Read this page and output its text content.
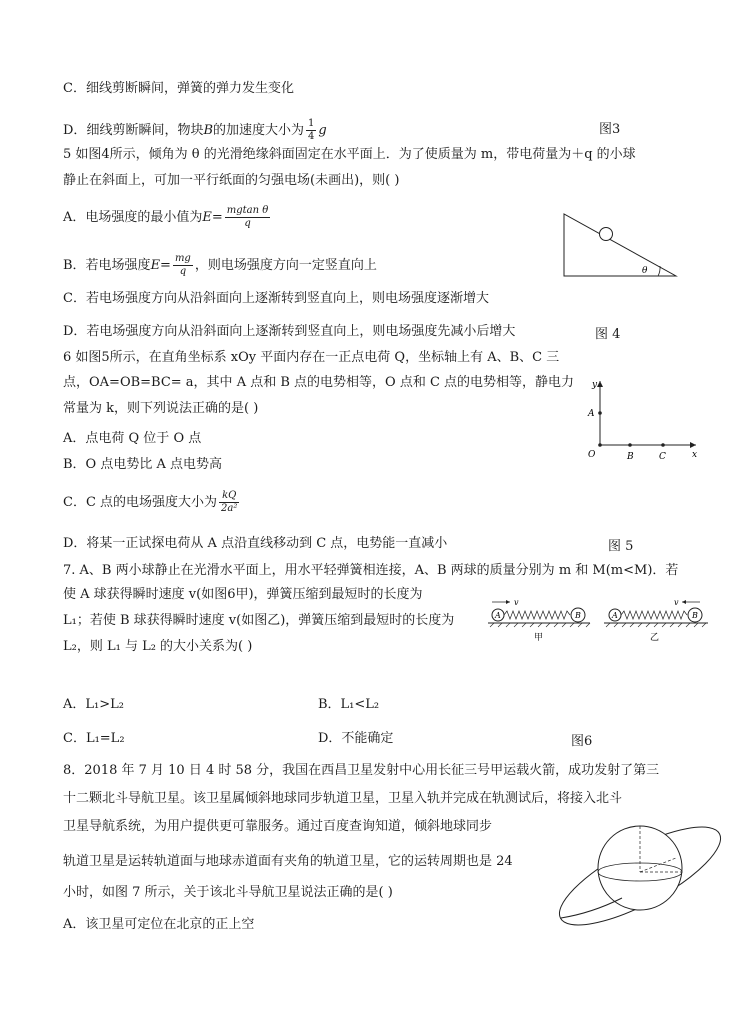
C．细线剪断瞬间，弹簧的弹力发生变化
D．细线剪断瞬间，物块B的加速度大小为 $\frac{1}{4}$ g	图3
5 如图4所示，倾角为 θ 的光滑绝缘斜面固定在水平面上．为了使质量为 m，带电荷量为＋q 的小球
静止在斜面上，可加一平行纸面的匀强电场(未画出)，则( )
A．电场强度的最小值为$E= \frac{\text{mgtan θ}}{q}$
B．若电场强度$E= \frac{mg}{q}$ ，则电场强度方向一定竖直向上
C．若电场强度方向从沿斜面向上逐渐转到竖直向上，则电场强度逐渐增大
D．若电场强度方向从沿斜面向上逐渐转到竖直向上，则电场强度先减小后增大	图 4
θ
6 如图5所示，在直角坐标系 xOy 平面内存在一正点电荷 Q，坐标轴上有 A、B、C 三
点，OA=OB=BC= a，其中 A 点和 B 点的电势相等，O 点和 C 点的电势相等，静电力
常量为 k，则下列说法正确的是( )
A．点电荷 Q 位于 O 点
B．O 点电势比 A 点电势高
C．C 点的电场强度大小为 $\frac{kQ}{\text{2a²}}$
D．将某一正试探电荷从 A 点沿直线移动到 C 点，电势能一直减小	图 5
y
x
O
A
B	C
7. A、B 两小球静止在光滑水平面上，用水平轻弹簧相连接，A、B 两球的质量分别为 m 和 M(m<M)．若
使 A 球获得瞬时速度 v(如图6甲)，弹簧压缩到最短时的长度为
L₁；若使 B 球获得瞬时速度 v(如图乙)，弹簧压缩到最短时的长度为
L₂，则 L₁ 与 L₂ 的大小关系为( )
v
A	B
甲
v
A	B
乙
A．L₁>L₂	B．L₁<L₂
C．L₁=L₂	D．不能确定	图6
8．2018 年 7 月 10 日 4 时 58 分，我国在西昌卫星发射中心用长征三号甲运载火箭，成功发射了第三
十二颗北斗导航卫星。该卫星属倾斜地球同步轨道卫星，卫星入轨并完成在轨测试后，将接入北斗
卫星导航系统，为用户提供更可靠服务。通过百度查询知道，倾斜地球同步
轨道卫星是运转轨道面与地球赤道面有夹角的轨道卫星，它的运转周期也是 24
小时，如图 7 所示，关于该北斗导航卫星说法正确的是( )
A．该卫星可定位在北京的正上空
